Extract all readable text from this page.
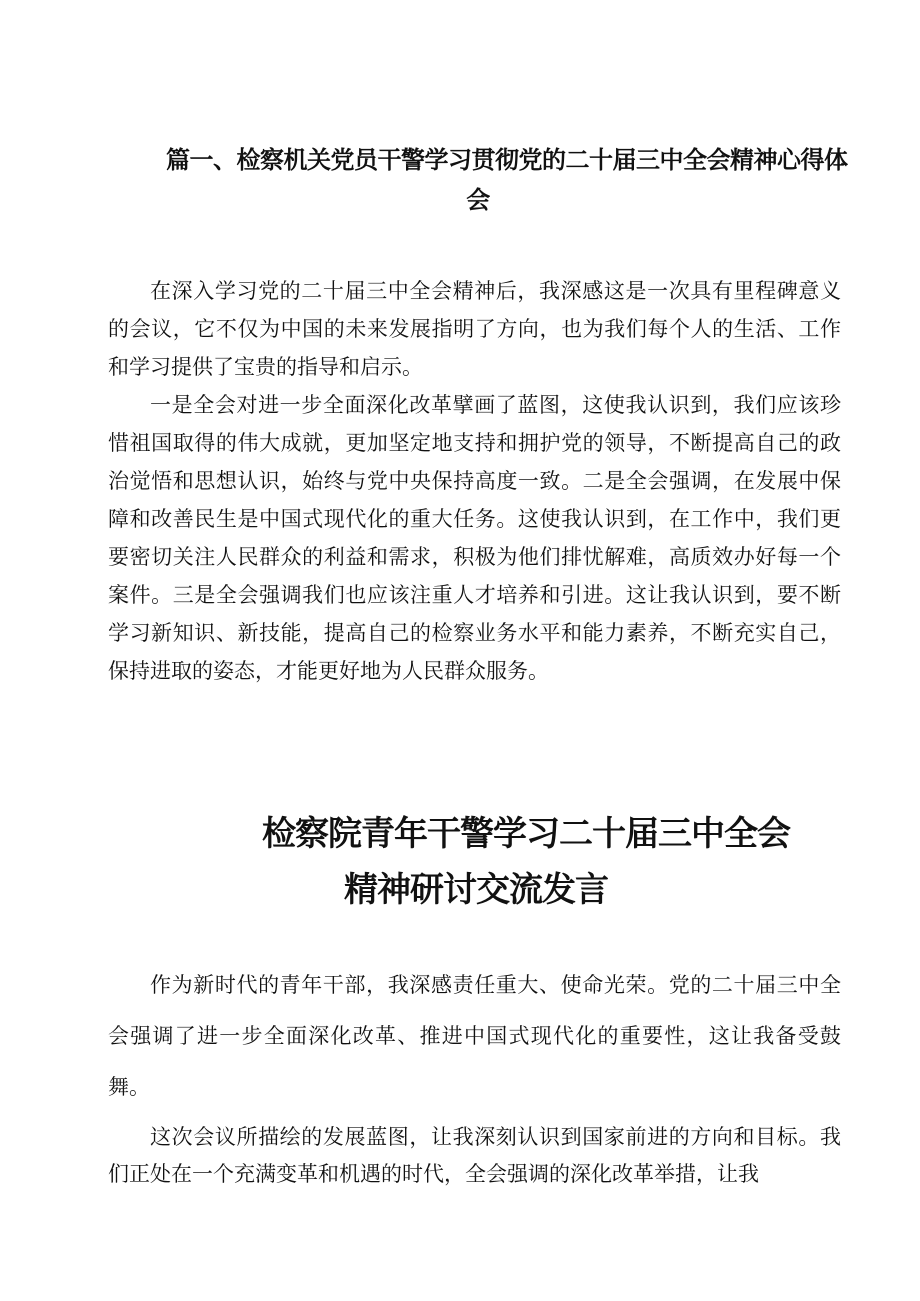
篇一、检察机关党员干警学习贯彻党的二十届三中全会精神心得体
会

在深入学习党的二十届三中全会精神后，我深感这是一次具有里程碑意义的会议，它不仅为中国的未来发展指明了方向，也为我们每个人的生活、工作和学习提供了宝贵的指导和启示。

一是全会对进一步全面深化改革擘画了蓝图，这使我认识到，我们应该珍惜祖国取得的伟大成就，更加坚定地支持和拥护党的领导，不断提高自己的政治觉悟和思想认识，始终与党中央保持高度一致。二是全会强调，在发展中保障和改善民生是中国式现代化的重大任务。这使我认识到，在工作中，我们更要密切关注人民群众的利益和需求，积极为他们排忧解难，高质效办好每一个案件。三是全会强调我们也应该注重人才培养和引进。这让我认识到，要不断学习新知识、新技能，提高自己的检察业务水平和能力素养，不断充实自己，保持进取的姿态，才能更好地为人民群众服务。

检察院青年干警学习二十届三中全会
精神研讨交流发言

作为新时代的青年干部，我深感责任重大、使命光荣。党的二十届三中全会强调了进一步全面深化改革、推进中国式现代化的重要性，这让我备受鼓舞。

这次会议所描绘的发展蓝图，让我深刻认识到国家前进的方向和目标。我们正处在一个充满变革和机遇的时代，全会强调的深化改革举措，让我
